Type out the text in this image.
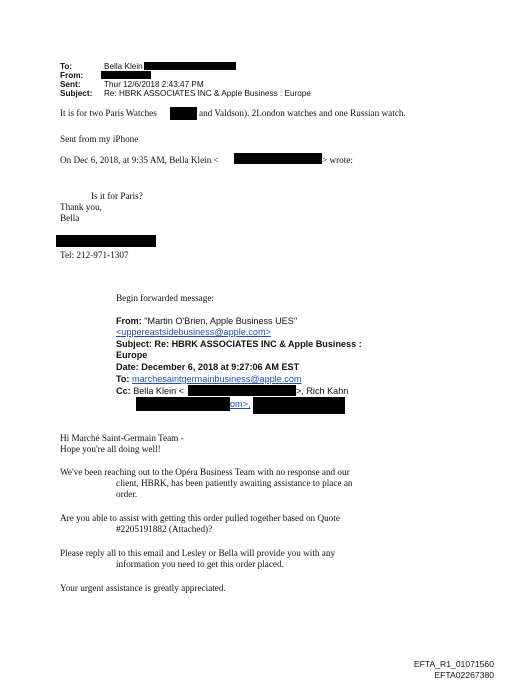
To:	Bella Klein
From:
Sent:	Thur 12/6/2018 2:43:47 PM
Subject: Re: HBRK ASSOCIATES INC & Apple Business : Europe
It is for two Paris Watches	and Valdson). 2London watches and one Russian watch.
Sent from my iPhone
On Dec 6, 2018, at 9:35 AM, Bella Klein <	> wrote:
Is it for Paris?
Thank you,
Bella
Tel: 212-971-1307
Begin forwarded message:
From: "Martin O'Brien, Apple Business UES"
<uppereastsidebusiness@apple.com>
Subject: Re: HBRK ASSOCIATES INC & Apple Business :
Europe
Date: December 6, 2018 at 9:27:06 AM EST
To: marchesaintgermainbusiness@apple.com
Cc: Bella Klein <	>, Rich Kahn
om>,
Hi Marché Saint-Germain Team -
Hope you're all doing well!
We've been reaching out to the Opéra Business Team with no response and our
client, HBRK, has been patiently awaiting assistance to place an
order.
Are you able to assist with getting this order pulled together based on Quote
#2205191882 (Attached)?
Please reply all to this email and Lesley or Bella will provide you with any
information you need to get this order placed.
Your urgent assistance is greatly appreciated.
EFTA_R1_01071560
EFTA02267380
